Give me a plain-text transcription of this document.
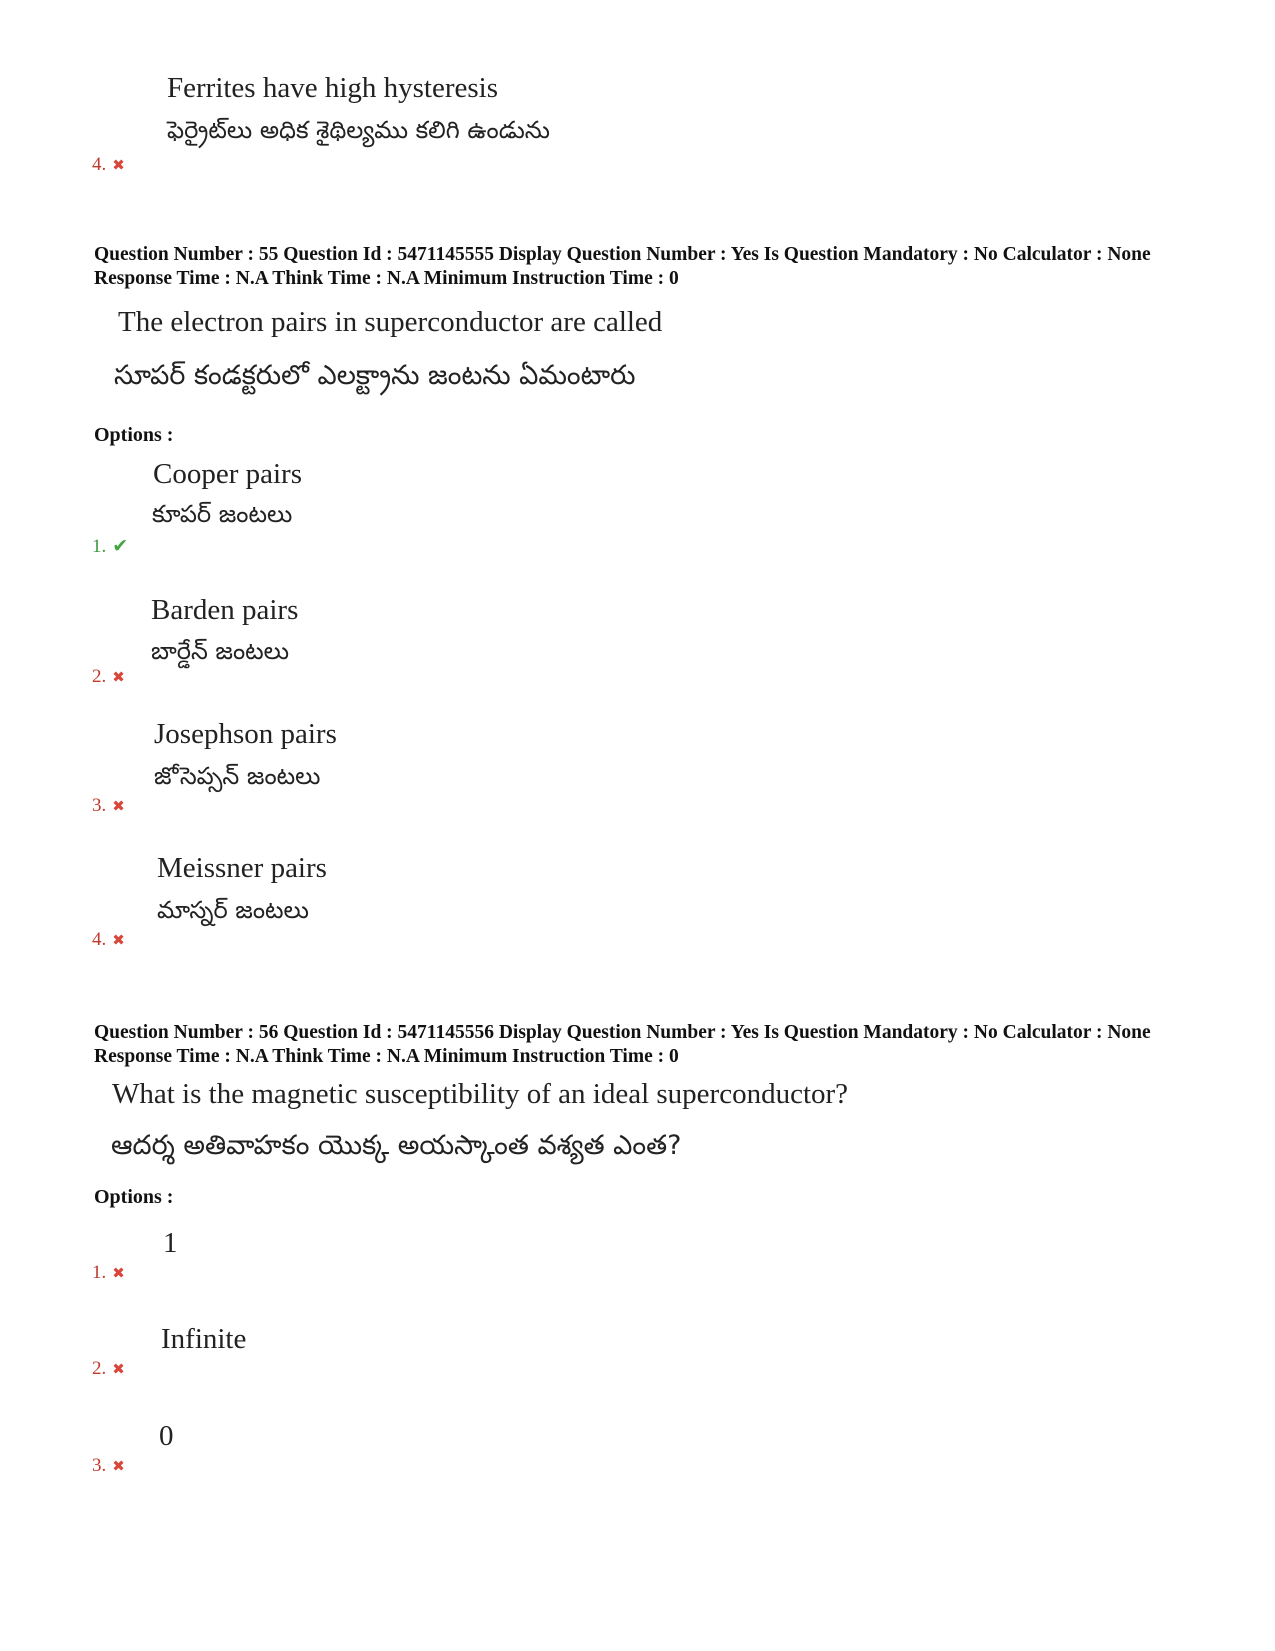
Ferrites have high hysteresis
ఫెర్రైట్‌లు అధిక శైథిల్యము కలిగి ఉండును
4. ✖
Question Number : 55 Question Id : 5471145555 Display Question Number : Yes Is Question Mandatory : No Calculator : None Response Time : N.A Think Time : N.A Minimum Instruction Time : 0
The electron pairs in superconductor are called
సూపర్ కండక్టరులో ఎలక్ట్రాను జంటను ఏమంటారు
Options :
Cooper pairs
కూపర్ జంటలు
1. ✔
Barden pairs
బార్డేన్ జంటలు
2. ✖
Josephson pairs
జోసెప్సన్ జంటలు
3. ✖
Meissner pairs
మాస్నర్ జంటలు
4. ✖
Question Number : 56 Question Id : 5471145556 Display Question Number : Yes Is Question Mandatory : No Calculator : None Response Time : N.A Think Time : N.A Minimum Instruction Time : 0
What is the magnetic susceptibility of an ideal superconductor?
ఆదర్శ అతివాహకం యొక్క అయస్కాంత వశ్యత ఎంత?
Options :
1
1. ✖
Infinite
2. ✖
0
3. ✖
